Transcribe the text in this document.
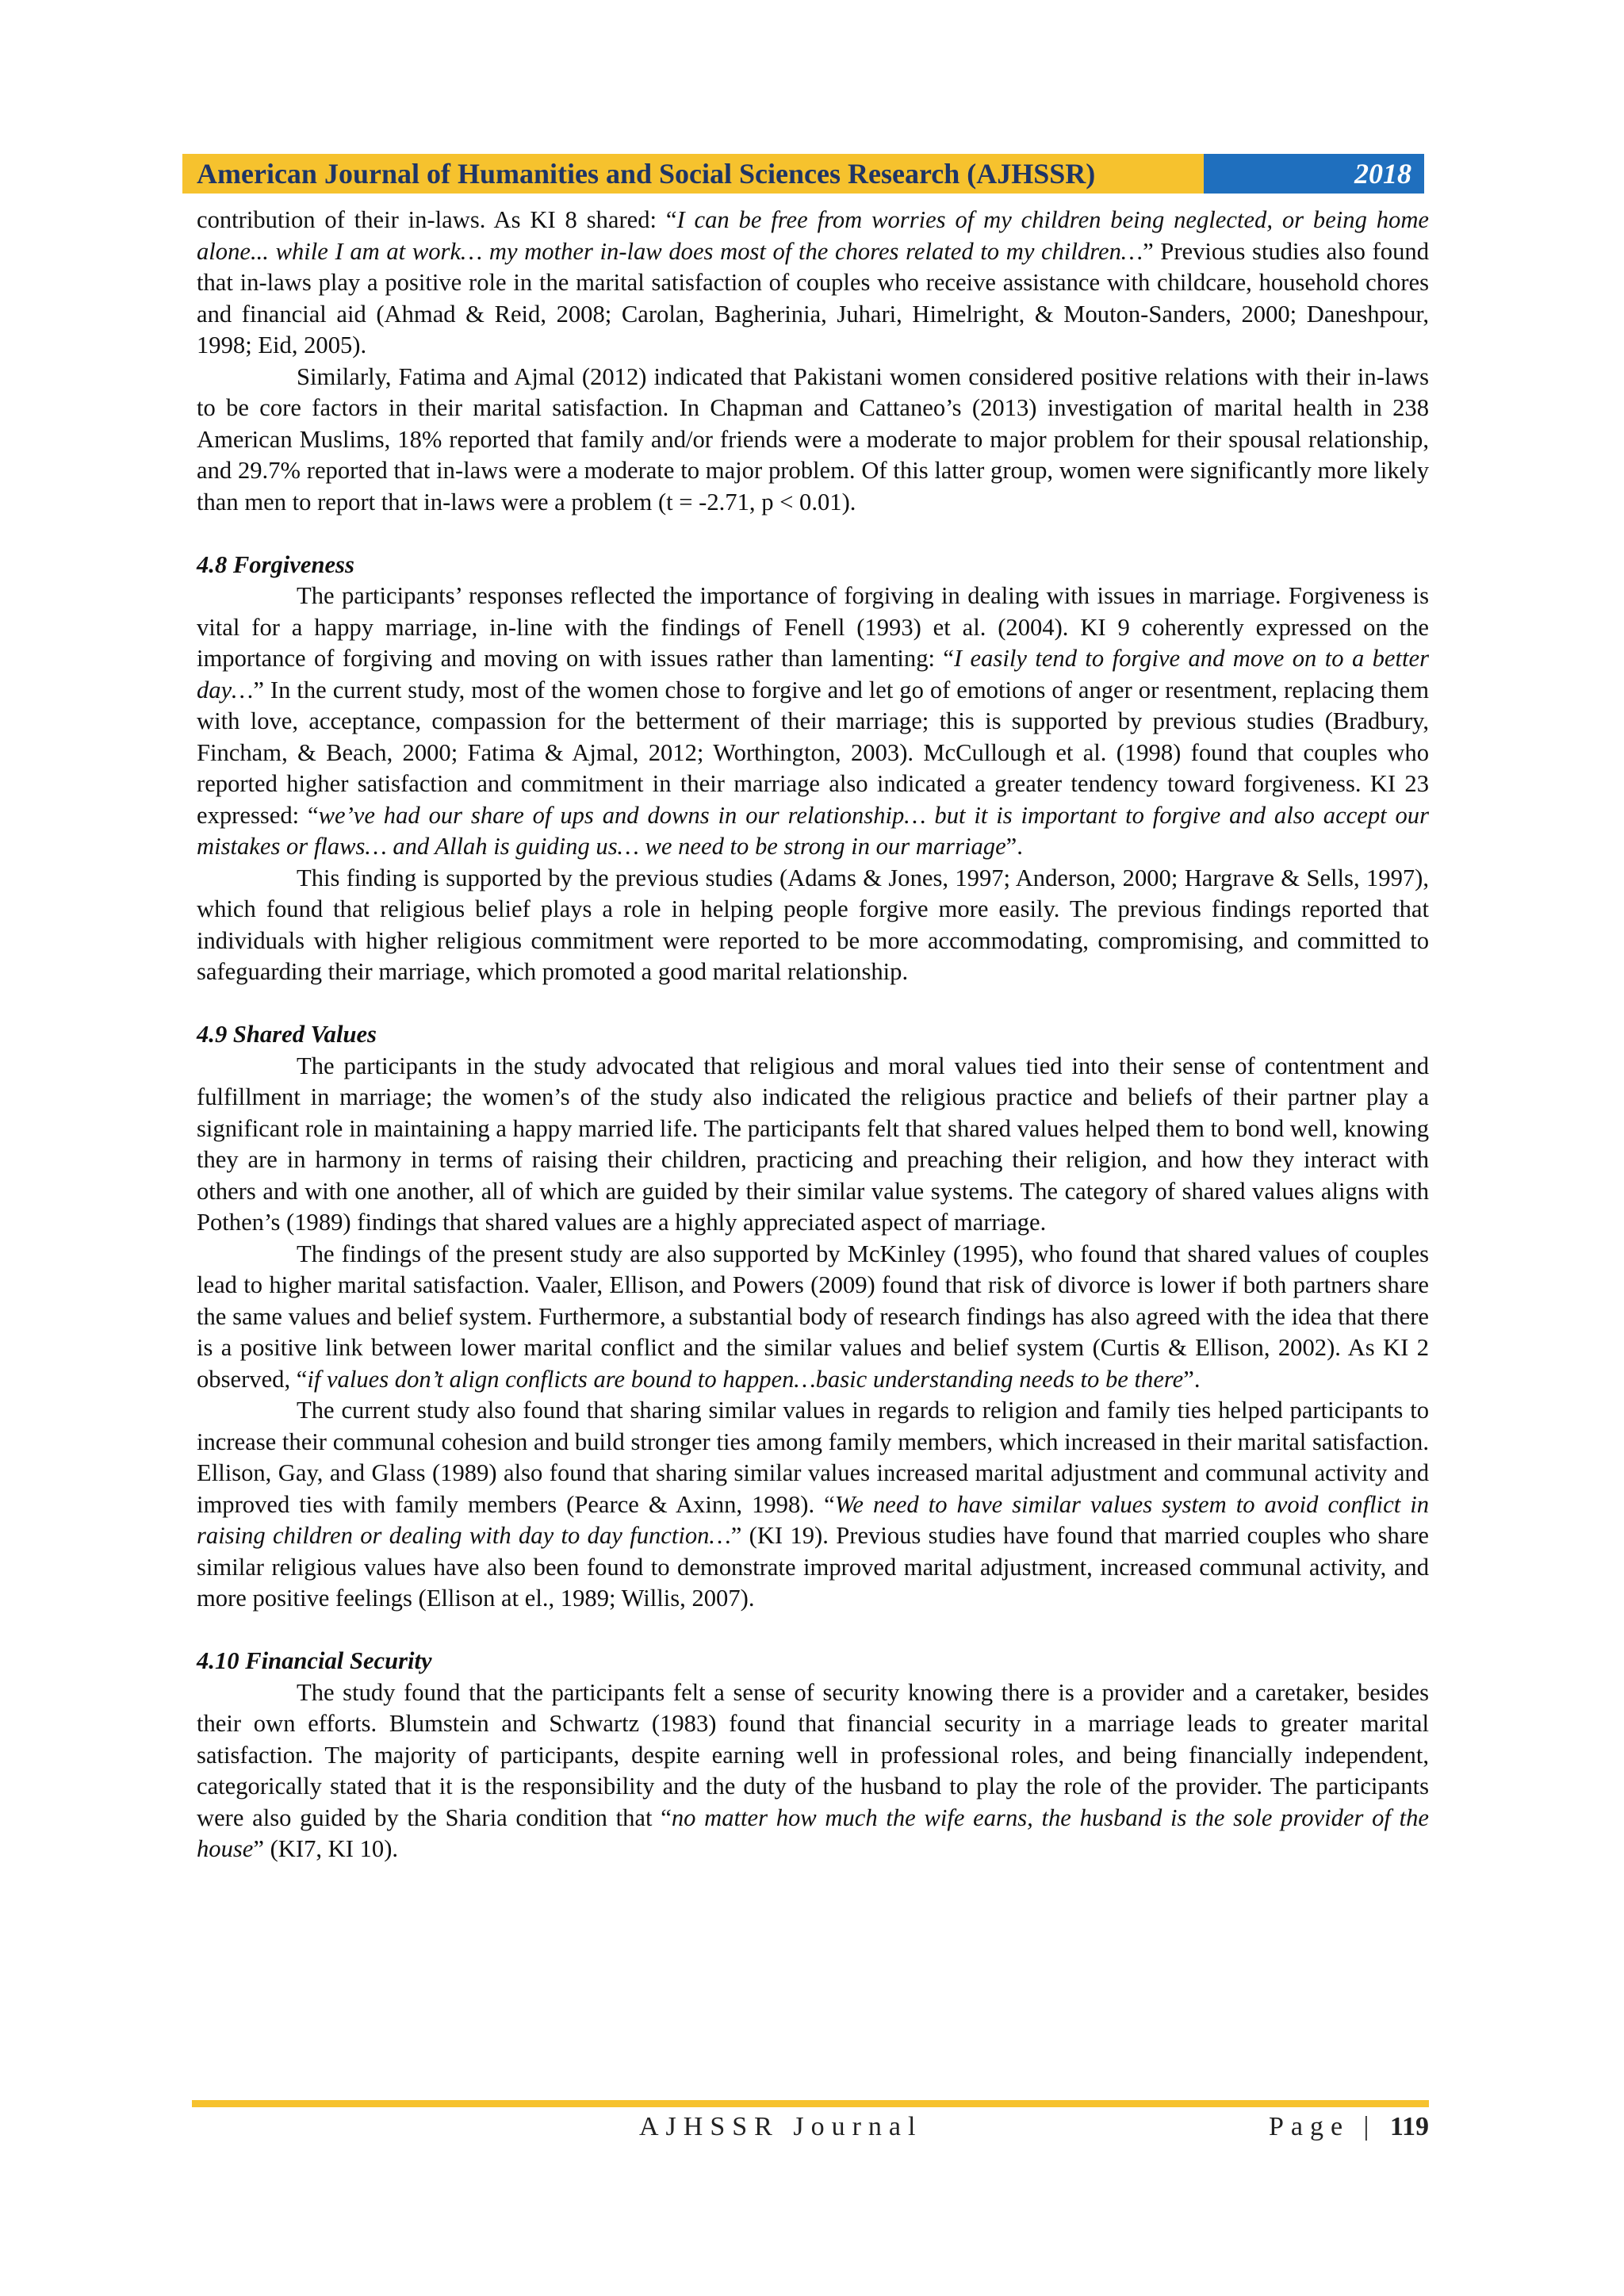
American Journal of Humanities and Social Sciences Research (AJHSSR)	2018

contribution of their in-laws. As KI 8 shared: “I can be free from worries of my children being neglected, or being home alone... while I am at work… my mother in-law does most of the chores related to my children…” Previous studies also found that in-laws play a positive role in the marital satisfaction of couples who receive assistance with childcare, household chores and financial aid (Ahmad & Reid, 2008; Carolan, Bagherinia, Juhari, Himelright, & Mouton-Sanders, 2000; Daneshpour, 1998; Eid, 2005).

Similarly, Fatima and Ajmal (2012) indicated that Pakistani women considered positive relations with their in-laws to be core factors in their marital satisfaction. In Chapman and Cattaneo’s (2013) investigation of marital health in 238 American Muslims, 18% reported that family and/or friends were a moderate to major problem for their spousal relationship, and 29.7% reported that in-laws were a moderate to major problem. Of this latter group, women were significantly more likely than men to report that in-laws were a problem (t = -2.71, p < 0.01).

4.8 Forgiveness

The participants’ responses reflected the importance of forgiving in dealing with issues in marriage. Forgiveness is vital for a happy marriage, in-line with the findings of Fenell (1993) et al. (2004). KI 9 coherently expressed on the importance of forgiving and moving on with issues rather than lamenting: “I easily tend to forgive and move on to a better day…” In the current study, most of the women chose to forgive and let go of emotions of anger or resentment, replacing them with love, acceptance, compassion for the betterment of their marriage; this is supported by previous studies (Bradbury, Fincham, & Beach, 2000; Fatima & Ajmal, 2012; Worthington, 2003). McCullough et al. (1998) found that couples who reported higher satisfaction and commitment in their marriage also indicated a greater tendency toward forgiveness. KI 23 expressed: “we’ve had our share of ups and downs in our relationship… but it is important to forgive and also accept our mistakes or flaws… and Allah is guiding us… we need to be strong in our marriage”.

This finding is supported by the previous studies (Adams & Jones, 1997; Anderson, 2000; Hargrave & Sells, 1997), which found that religious belief plays a role in helping people forgive more easily. The previous findings reported that individuals with higher religious commitment were reported to be more accommodating, compromising, and committed to safeguarding their marriage, which promoted a good marital relationship.

4.9 Shared Values

The participants in the study advocated that religious and moral values tied into their sense of contentment and fulfillment in marriage; the women’s of the study also indicated the religious practice and beliefs of their partner play a significant role in maintaining a happy married life. The participants felt that shared values helped them to bond well, knowing they are in harmony in terms of raising their children, practicing and preaching their religion, and how they interact with others and with one another, all of which are guided by their similar value systems. The category of shared values aligns with Pothen’s (1989) findings that shared values are a highly appreciated aspect of marriage.

The findings of the present study are also supported by McKinley (1995), who found that shared values of couples lead to higher marital satisfaction. Vaaler, Ellison, and Powers (2009) found that risk of divorce is lower if both partners share the same values and belief system. Furthermore, a substantial body of research findings has also agreed with the idea that there is a positive link between lower marital conflict and the similar values and belief system (Curtis & Ellison, 2002). As KI 2 observed, “if values don’t align conflicts are bound to happen…basic understanding needs to be there”.

The current study also found that sharing similar values in regards to religion and family ties helped participants to increase their communal cohesion and build stronger ties among family members, which increased in their marital satisfaction. Ellison, Gay, and Glass (1989) also found that sharing similar values increased marital adjustment and communal activity and improved ties with family members (Pearce & Axinn, 1998). “We need to have similar values system to avoid conflict in raising children or dealing with day to day function…” (KI 19). Previous studies have found that married couples who share similar religious values have also been found to demonstrate improved marital adjustment, increased communal activity, and more positive feelings (Ellison at el., 1989; Willis, 2007).

4.10 Financial Security

The study found that the participants felt a sense of security knowing there is a provider and a caretaker, besides their own efforts. Blumstein and Schwartz (1983) found that financial security in a marriage leads to greater marital satisfaction. The majority of participants, despite earning well in professional roles, and being financially independent, categorically stated that it is the responsibility and the duty of the husband to play the role of the provider. The participants were also guided by the Sharia condition that “no matter how much the wife earns, the husband is the sole provider of the house” (KI7, KI 10).

AJHSSR Journal	Page | 119
